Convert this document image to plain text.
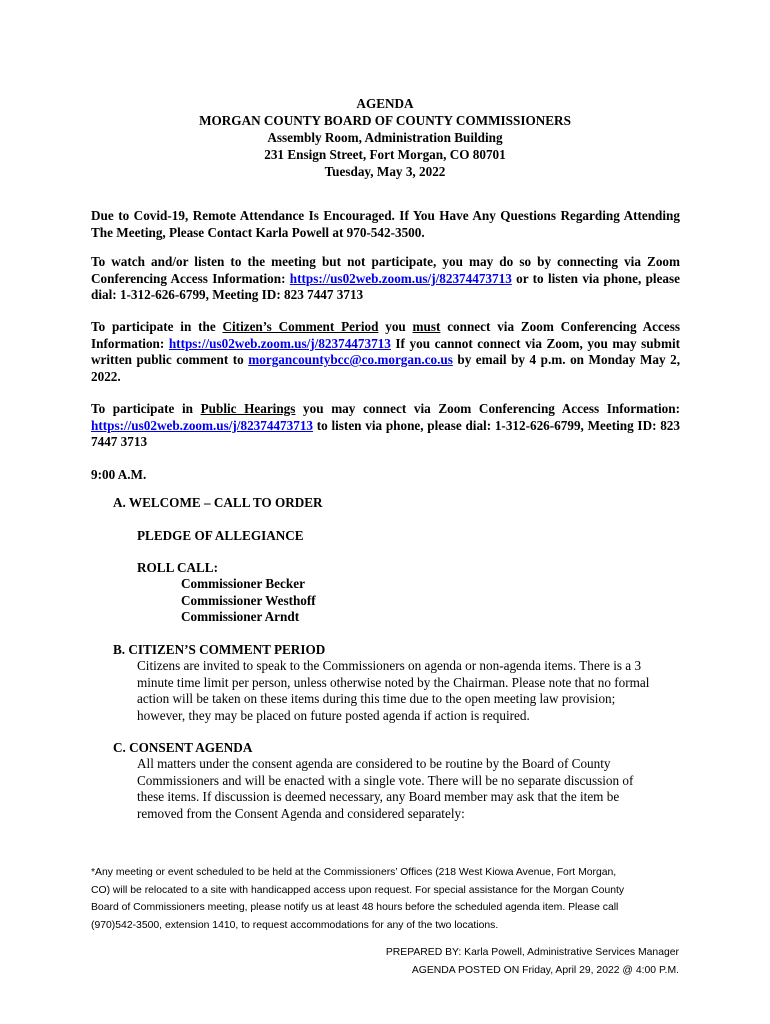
AGENDA
MORGAN COUNTY BOARD OF COUNTY COMMISSIONERS
Assembly Room, Administration Building
231 Ensign Street, Fort Morgan, CO 80701
Tuesday, May 3, 2022
Due to Covid-19, Remote Attendance Is Encouraged. If You Have Any Questions Regarding Attending The Meeting, Please Contact Karla Powell at 970-542-3500.
To watch and/or listen to the meeting but not participate, you may do so by connecting via Zoom Conferencing Access Information: https://us02web.zoom.us/j/82374473713 or to listen via phone, please dial: 1-312-626-6799, Meeting ID: 823 7447 3713
To participate in the Citizen’s Comment Period you must connect via Zoom Conferencing Access Information: https://us02web.zoom.us/j/82374473713 If you cannot connect via Zoom, you may submit written public comment to morgancountybcc@co.morgan.co.us by email by 4 p.m. on Monday May 2, 2022.
To participate in Public Hearings you may connect via Zoom Conferencing Access Information: https://us02web.zoom.us/j/82374473713 to listen via phone, please dial: 1-312-626-6799, Meeting ID: 823 7447 3713
9:00 A.M.
A. WELCOME – CALL TO ORDER
PLEDGE OF ALLEGIANCE
ROLL CALL:
Commissioner Becker
Commissioner Westhoff
Commissioner Arndt
B. CITIZEN’S COMMENT PERIOD
Citizens are invited to speak to the Commissioners on agenda or non-agenda items. There is a 3
minute time limit per person, unless otherwise noted by the Chairman. Please note that no formal
action will be taken on these items during this time due to the open meeting law provision;
however, they may be placed on future posted agenda if action is required.
C. CONSENT AGENDA
All matters under the consent agenda are considered to be routine by the Board of County
Commissioners and will be enacted with a single vote. There will be no separate discussion of
these items. If discussion is deemed necessary, any Board member may ask that the item be
removed from the Consent Agenda and considered separately:
*Any meeting or event scheduled to be held at the Commissioners’ Offices (218 West Kiowa Avenue, Fort Morgan,
CO) will be relocated to a site with handicapped access upon request. For special assistance for the Morgan County
Board of Commissioners meeting, please notify us at least 48 hours before the scheduled agenda item. Please call
(970)542-3500, extension 1410, to request accommodations for any of the two locations.
PREPARED BY: Karla Powell, Administrative Services Manager
AGENDA POSTED ON Friday, April 29, 2022 @ 4:00 P.M.
